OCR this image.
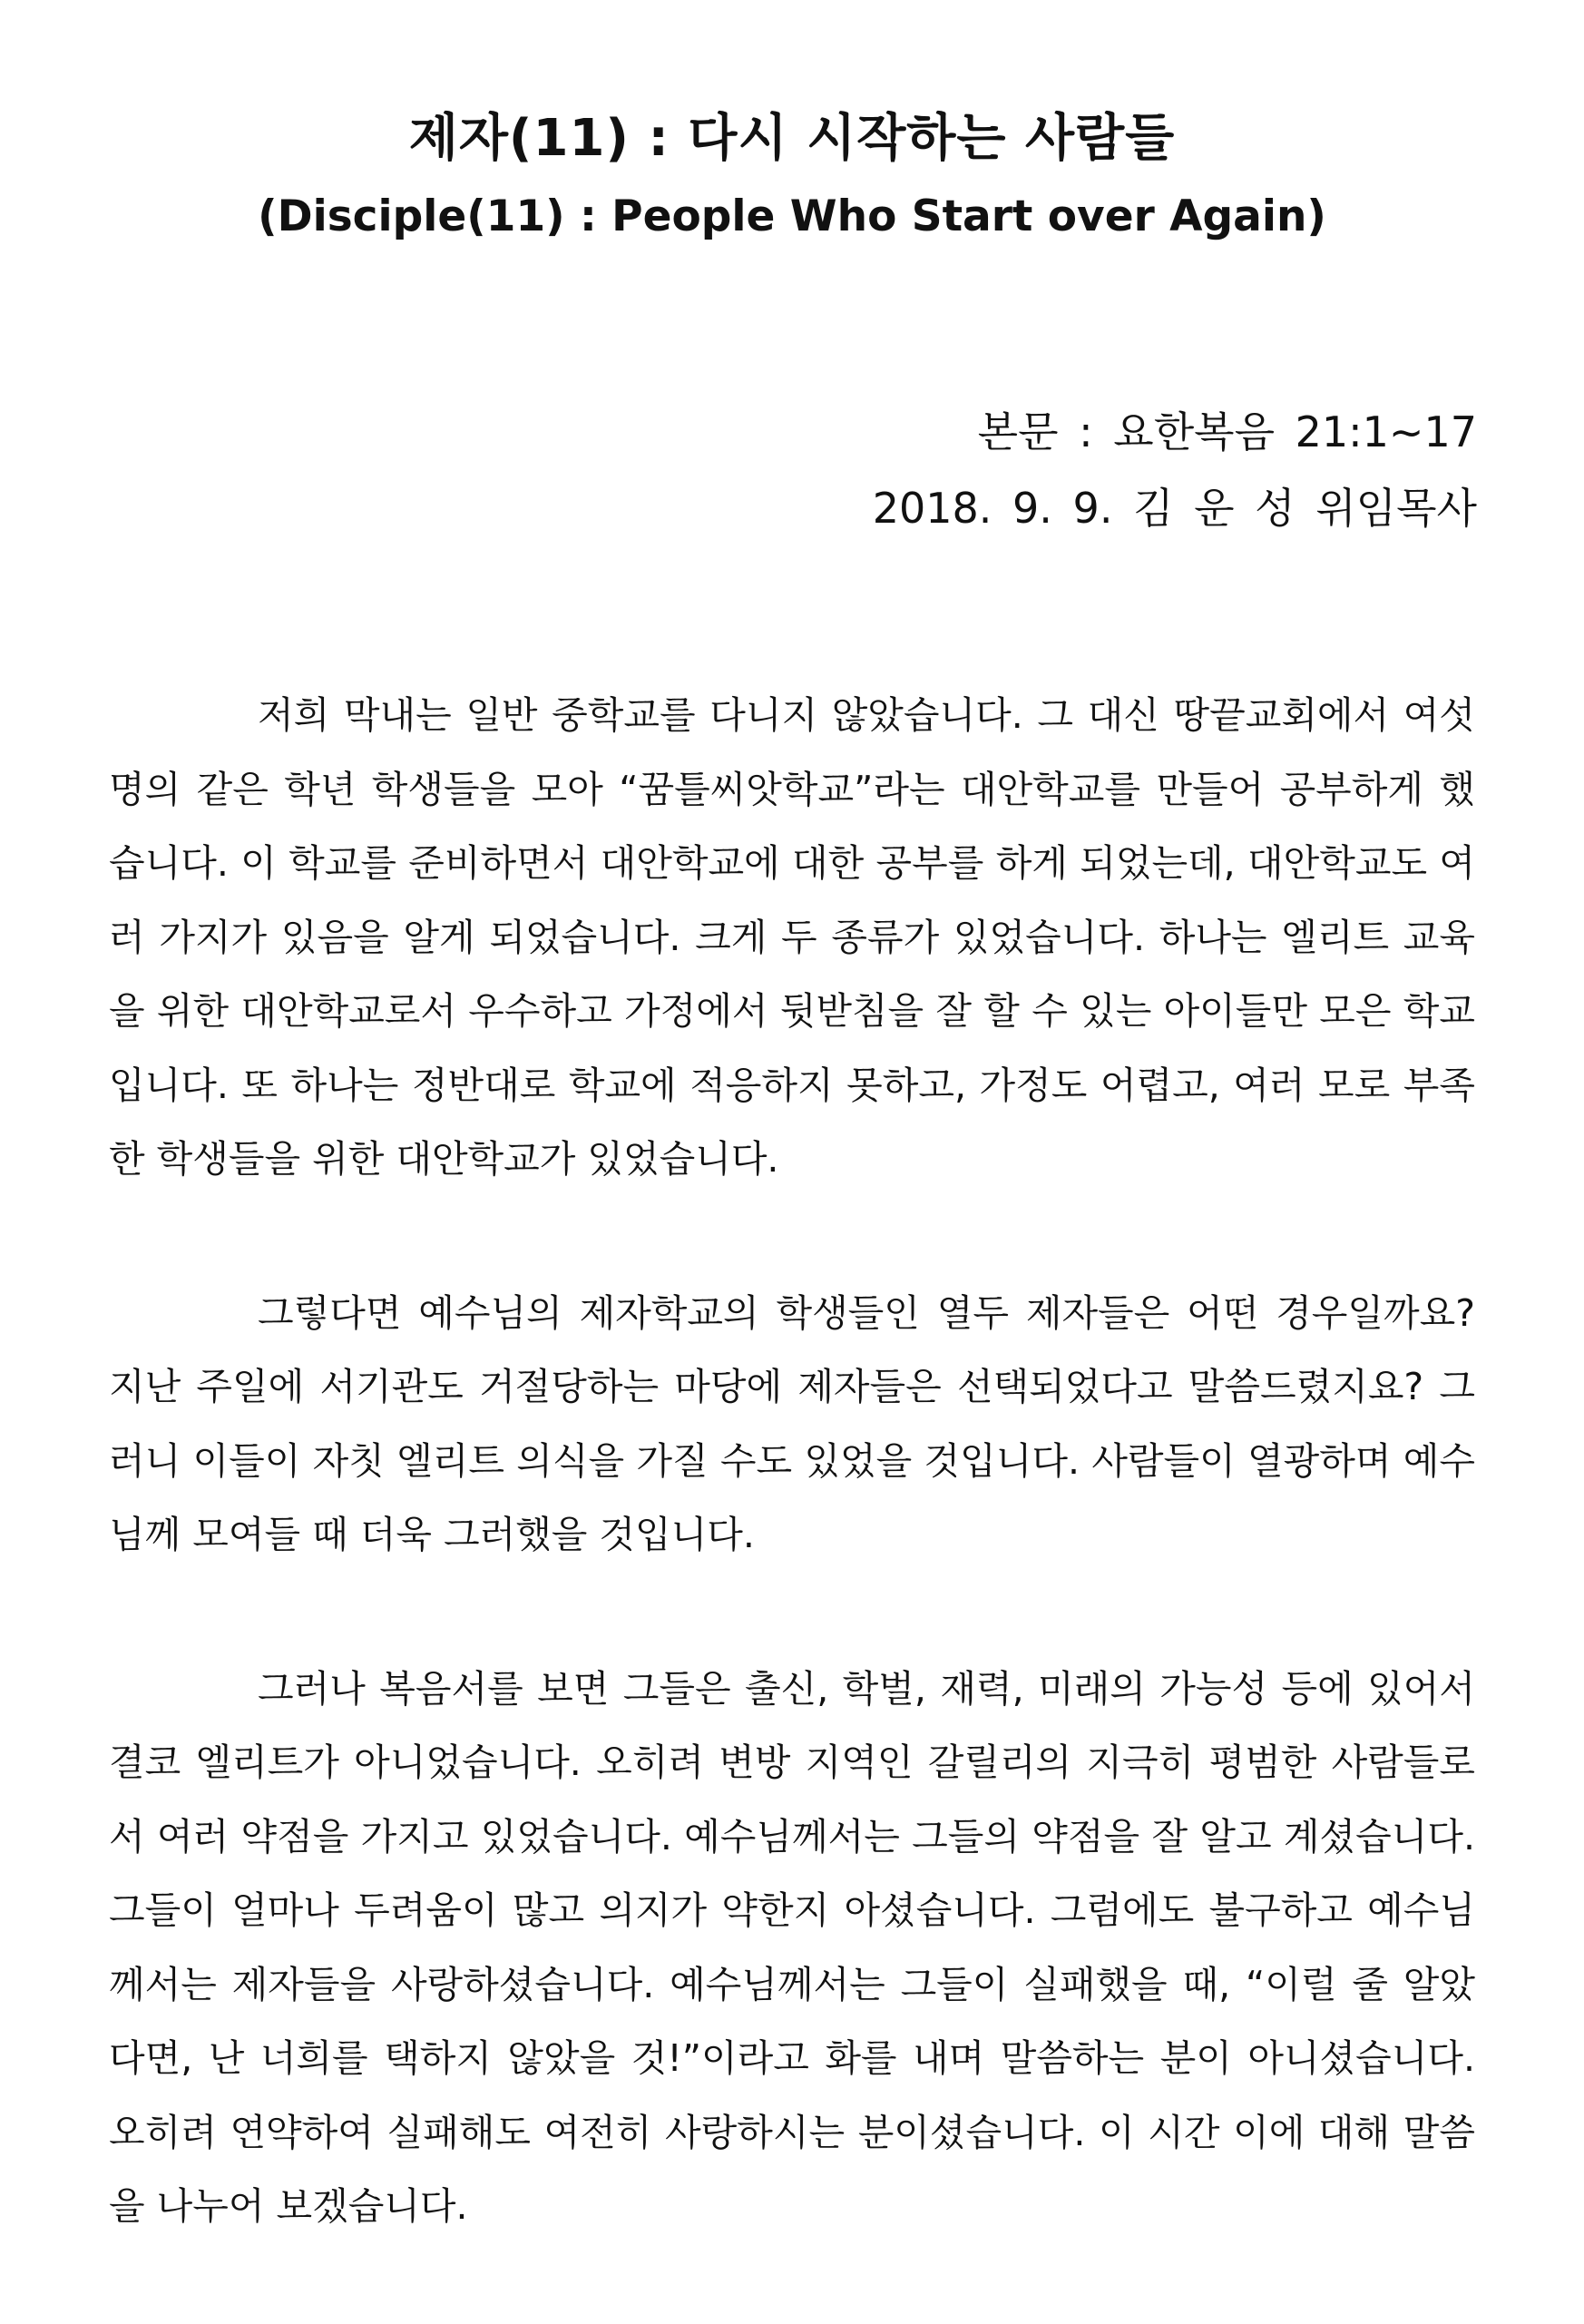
제자(11) : 다시 시작하는 사람들
(Disciple(11) : People Who Start over Again)
본문 : 요한복음 21:1~17
2018. 9. 9. 김 운 성 위임목사

저희 막내는 일반 중학교를 다니지 않았습니다. 그 대신 땅끝교회에서 여섯 명의 같은 학년 학생들을 모아 “꿈틀씨앗학교”라는 대안학교를 만들어 공부하게 했습니다. 이 학교를 준비하면서 대안학교에 대한 공부를 하게 되었는데, 대안학교도 여러 가지가 있음을 알게 되었습니다. 크게 두 종류가 있었습니다. 하나는 엘리트 교육을 위한 대안학교로서 우수하고 가정에서 뒷받침을 잘 할 수 있는 아이들만 모은 학교입니다. 또 하나는 정반대로 학교에 적응하지 못하고, 가정도 어렵고, 여러 모로 부족한 학생들을 위한 대안학교가 있었습니다.

그렇다면 예수님의 제자학교의 학생들인 열두 제자들은 어떤 경우일까요? 지난 주일에 서기관도 거절당하는 마당에 제자들은 선택되었다고 말씀드렸지요? 그러니 이들이 자칫 엘리트 의식을 가질 수도 있었을 것입니다. 사람들이 열광하며 예수님께 모여들 때 더욱 그러했을 것입니다.

그러나 복음서를 보면 그들은 출신, 학벌, 재력, 미래의 가능성 등에 있어서 결코 엘리트가 아니었습니다. 오히려 변방 지역인 갈릴리의 지극히 평범한 사람들로서 여러 약점을 가지고 있었습니다. 예수님께서는 그들의 약점을 잘 알고 계셨습니다. 그들이 얼마나 두려움이 많고 의지가 약한지 아셨습니다. 그럼에도 불구하고 예수님께서는 제자들을 사랑하셨습니다. 예수님께서는 그들이 실패했을 때, “이럴 줄 알았다면, 난 너희를 택하지 않았을 것!”이라고 화를 내며 말씀하는 분이 아니셨습니다. 오히려 연약하여 실패해도 여전히 사랑하시는 분이셨습니다. 이 시간 이에 대해 말씀을 나누어 보겠습니다.
